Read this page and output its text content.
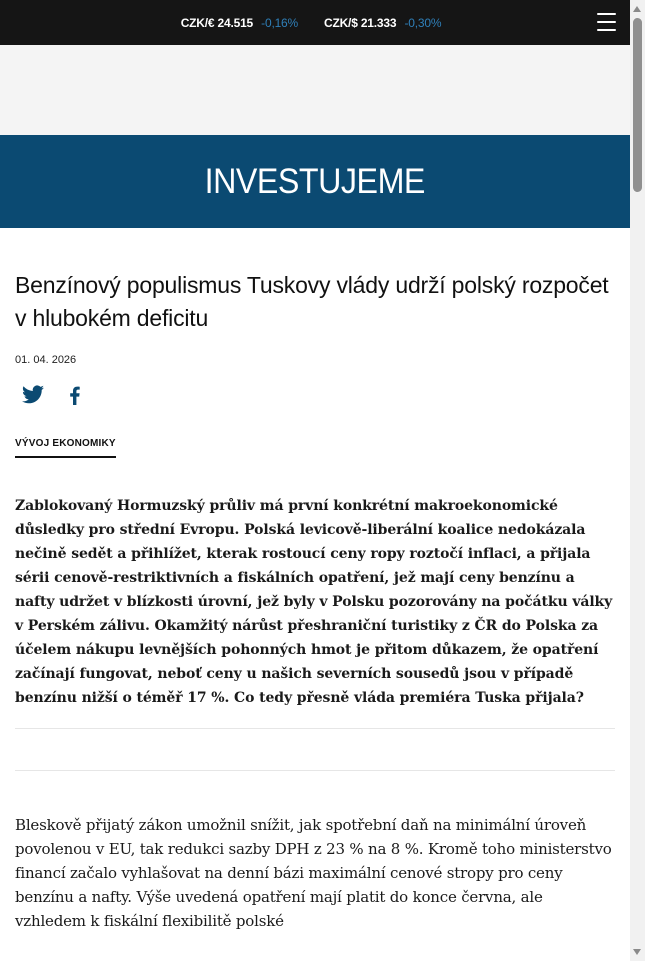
CZK/€ 24.515 -0,16% CZK/$ 21.333 -0,30%
INVESTUJEME
Benzínový populismus Tuskovy vlády udrží polský rozpočet v hlubokém deficitu
01. 04. 2026
VÝVOJ EKONOMIKY
Zablokovaný Hormuzský průliv má první konkrétní makroekonomické důsledky pro střední Evropu. Polská levicově-liberální koalice nedokázala nečině sedět a přihlížet, kterak rostoucí ceny ropy roztočí inflaci, a přijala sérii cenově-restriktivních a fiskálních opatření, jež mají ceny benzínu a nafty udržet v blízkosti úrovní, jež byly v Polsku pozorovány na počátku války v Perském zálivu. Okamžitý nárůst přeshraniční turistiky z ČR do Polska za účelem nákupu levnějších pohonných hmot je přitom důkazem, že opatření začínají fungovat, neboť ceny u našich severních sousedů jsou v případě benzínu nižší o téměř 17 %. Co tedy přesně vláda premiéra Tuska přijala?
Bleskově přijatý zákon umožnil snížit, jak spotřební daň na minimální úroveň povolenou v EU, tak redukci sazby DPH z 23 % na 8 %. Kromě toho ministerstvo financí začalo vyhlašovat na denní bázi maximální cenové stropy pro ceny benzínu a nafty. Výše uvedená opatření mají platit do konce června, ale vzhledem k fiskální flexibilitě polské
